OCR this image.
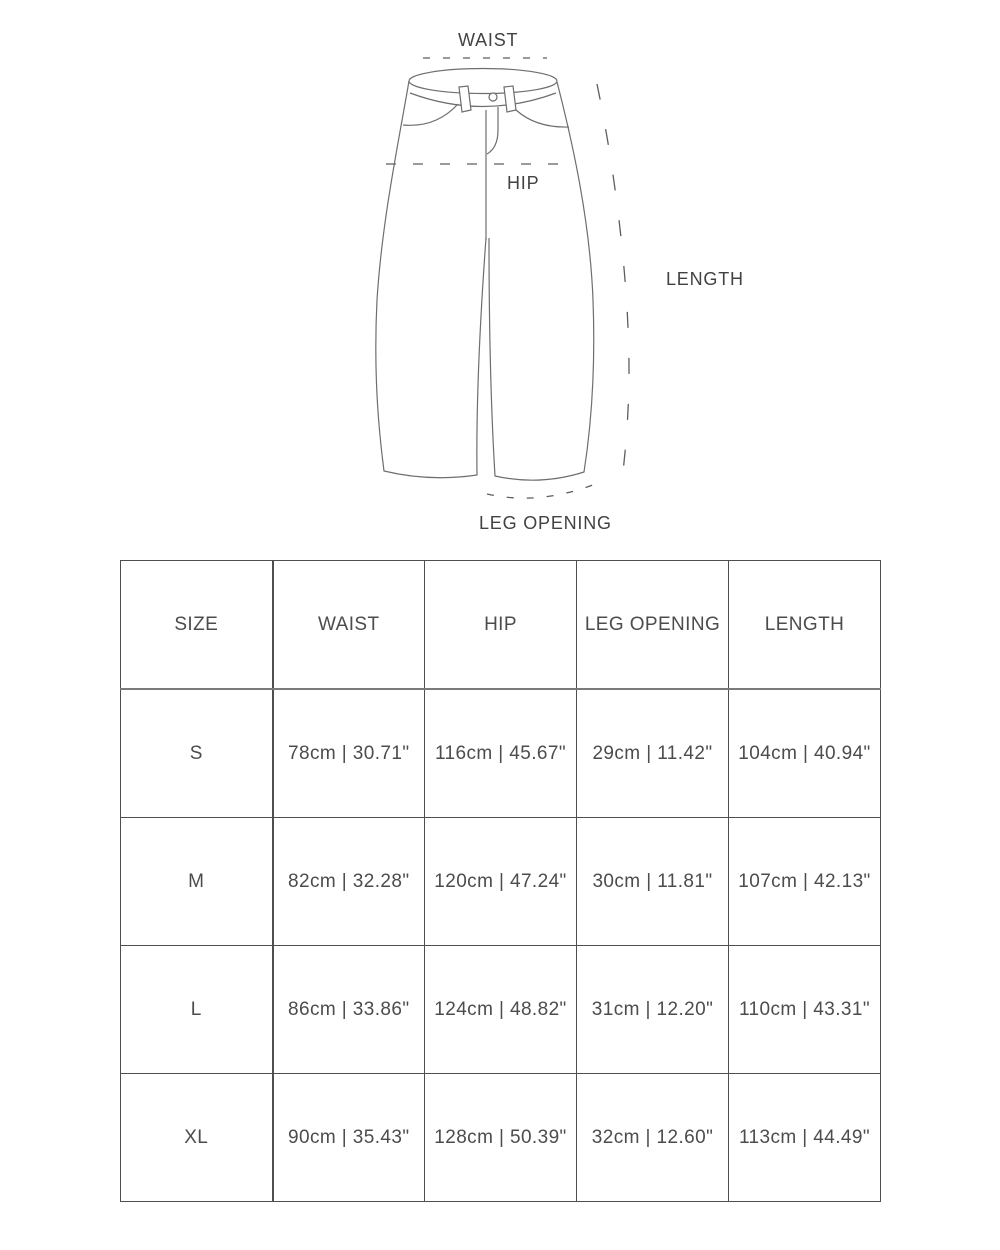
WAIST
HIP
LENGTH
LEG OPENING
SIZE	WAIST	HIP	LEG OPENING	LENGTH
S	78cm | 30.71"	116cm | 45.67"	29cm | 11.42"	104cm | 40.94"
M	82cm | 32.28"	120cm | 47.24"	30cm | 11.81"	107cm | 42.13"
L	86cm | 33.86"	124cm | 48.82"	31cm | 12.20"	110cm | 43.31"
XL	90cm | 35.43"	128cm | 50.39"	32cm | 12.60"	113cm | 44.49"
